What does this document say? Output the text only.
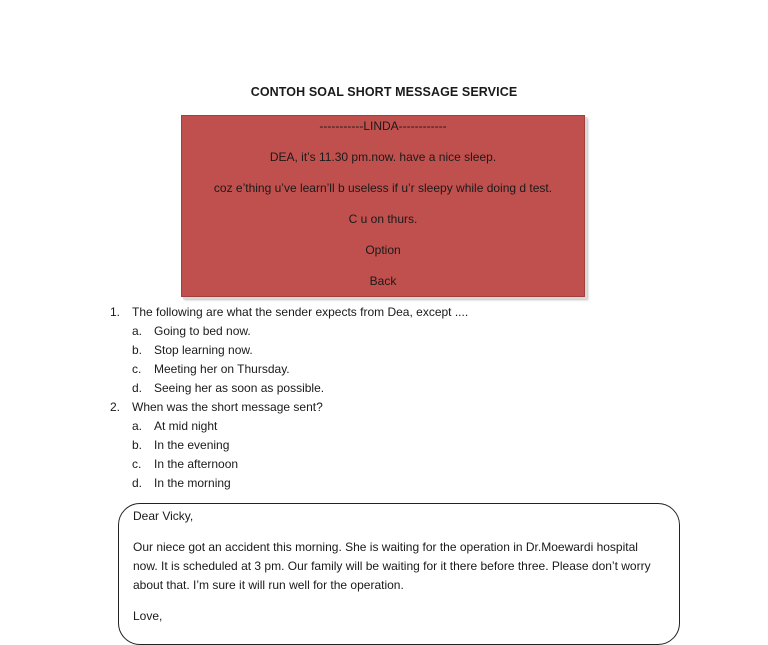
CONTOH SOAL SHORT MESSAGE SERVICE
-----------LINDA------------
DEA, it’s 11.30 pm.now. have a nice sleep.
coz e’thing u’ve learn’ll b useless if u’r sleepy while doing d test.
C u on thurs.
Option
Back
1. The following are what the sender expects from Dea, except ....
a. Going to bed now.
b. Stop learning now.
c.	Meeting her on Thursday.
d. Seeing her as soon as possible.
2. When was the short message sent?
a. At mid night
b. In the evening
c.	In the afternoon
d. In the morning

Dear Vicky,

Our niece got an accident this morning. She is waiting for the operation in Dr.Moewardi hospital

now. It is scheduled at 3 pm. Our family will be waiting for it there before three. Please don’t worry

about that. I’m sure it will run well for the operation.

Love,
